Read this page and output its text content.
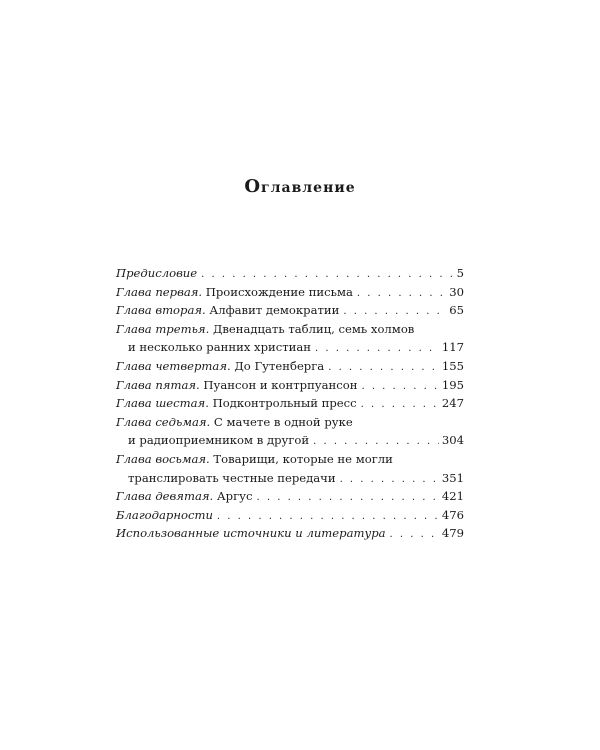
Оглавление
Предисловие . . .	5
Глава первая. Происхождение письма . . .	30
Глава вторая. Алфавит демократии . . .	65
Глава третья. Двенадцать таблиц, семь холмов
и несколько ранних христиан . . .	117
Глава четвертая. До Гутенберга . . .	155
Глава пятая. Пуансон и контрпуансон . . .	195
Глава шестая. Подконтрольный пресс . . .	247
Глава седьмая. С мачете в одной руке
и радиоприемником в другой . . .	304
Глава восьмая. Товарищи, которые не могли
транслировать честные передачи . . .	351
Глава девятая. Аргус . . .	421
Благодарности . . .	476
Использованные источники и литература . . .	479
